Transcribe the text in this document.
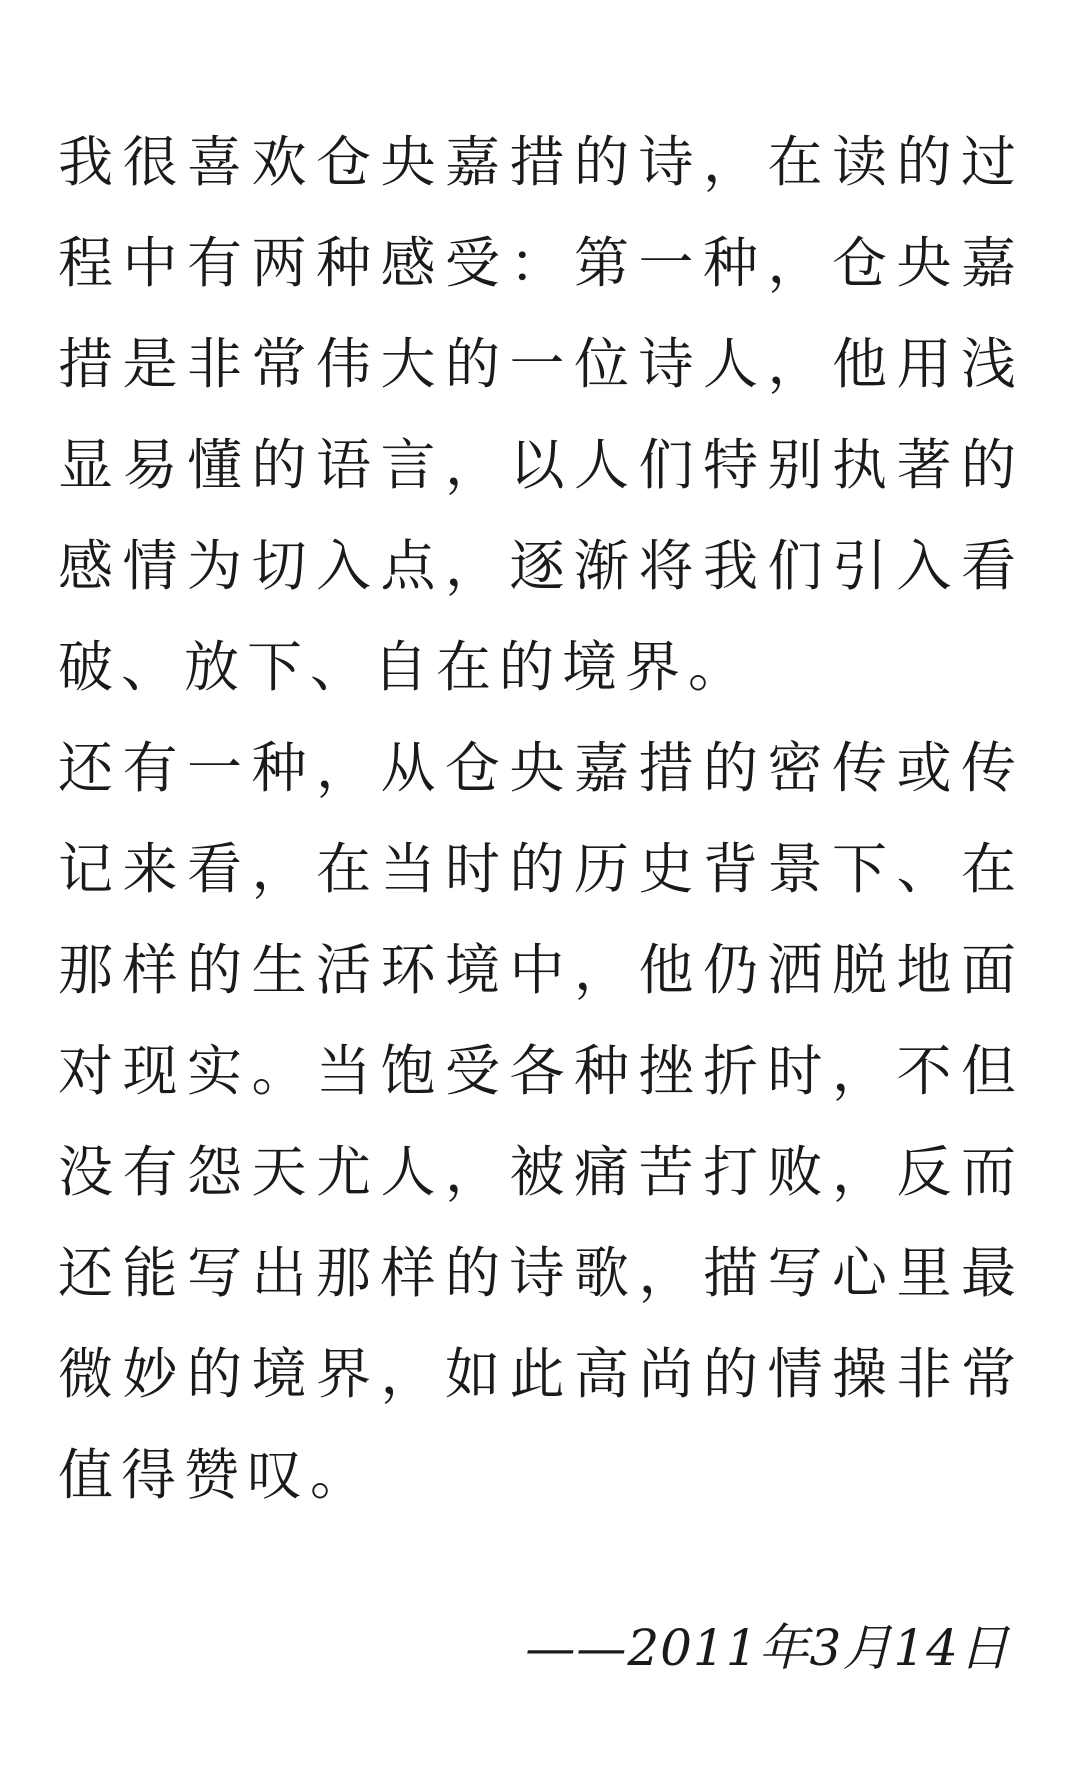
我很喜欢仓央嘉措的诗，在读的过程中有两种感受：第一种，仓央嘉措是非常伟大的一位诗人，他用浅显易懂的语言，以人们特别执著的感情为切入点，逐渐将我们引入看破、放下、自在的境界。

还有一种，从仓央嘉措的密传或传记来看，在当时的历史背景下、在那样的生活环境中，他仍洒脱地面对现实。当饱受各种挫折时，不但没有怨天尤人，被痛苦打败，反而还能写出那样的诗歌，描写心里最微妙的境界，如此高尚的情操非常值得赞叹。

——2011年3月14日
